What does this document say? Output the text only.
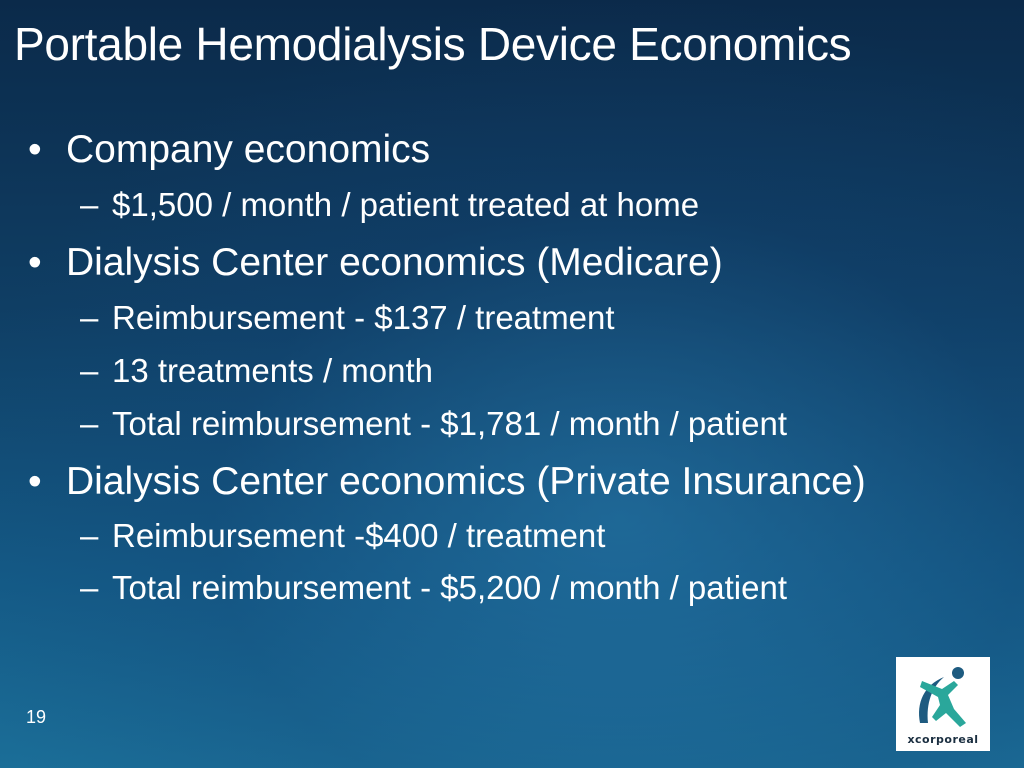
Portable Hemodialysis Device Economics
• Company economics
– $1,500 / month / patient treated at home
• Dialysis Center economics (Medicare)
– Reimbursement - $137 / treatment
– 13 treatments / month
– Total reimbursement - $1,781 / month / patient
• Dialysis Center economics (Private Insurance)
– Reimbursement -$400 / treatment
– Total reimbursement - $5,200 / month / patient
19
xcorporeal
